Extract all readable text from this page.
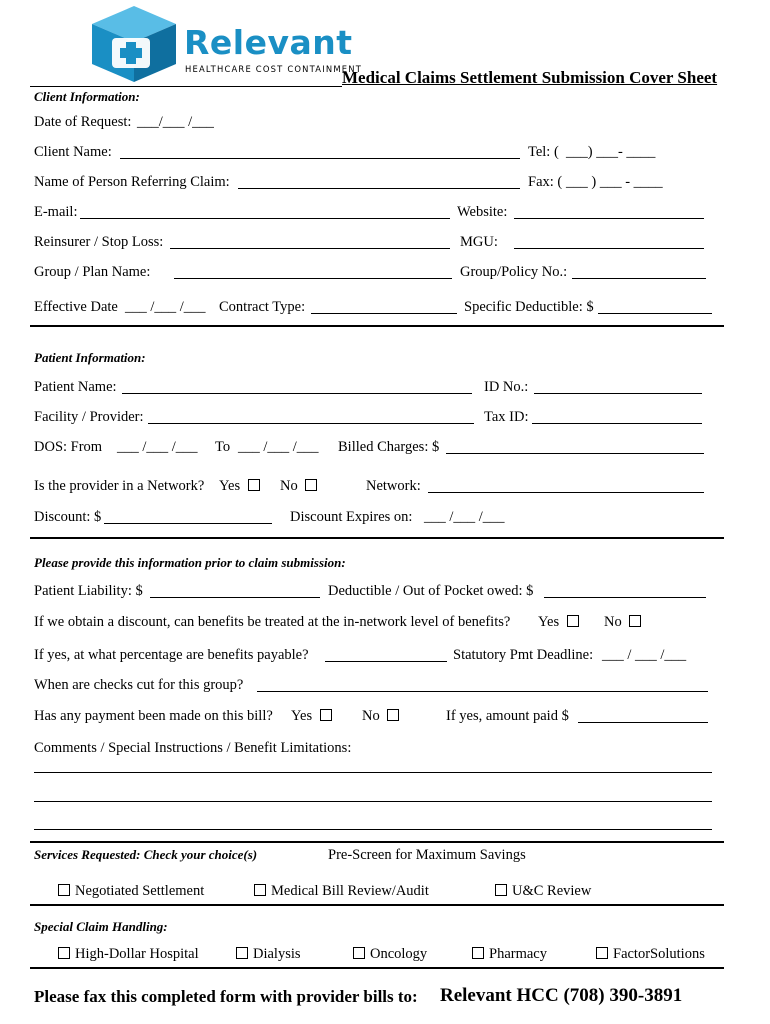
Relevant
HEALTHCARE COST CONTAINMENT
Medical Claims Settlement Submission Cover Sheet
Client Information:
Date of Request: ___/___ /___
Client Name:	Tel: ( ___) ___- ____
Name of Person Referring Claim:	Fax: ( ___ ) ___ - ____
E-mail:	Website:
Reinsurer / Stop Loss:	MGU:
Group / Plan Name:	Group/Policy No.:
Effective Date ___ /___ /___ Contract Type:	Specific Deductible: $
Patient Information:
Patient Name:	ID No.:
Facility / Provider:	Tax ID:
DOS: From ___ /___ /___ To ___ /___ /___ Billed Charges: $
Is the provider in a Network? Yes	No	Network:
Discount: $	Discount Expires on: ___ /___ /___
Please provide this information prior to claim submission:
Patient Liability: $	Deductible / Out of Pocket owed: $
If we obtain a discount, can benefits be treated at the in-network level of benefits? Yes	No
If yes, at what percentage are benefits payable?	Statutory Pmt Deadline: ___ / ___ /___
When are checks cut for this group?
Has any payment been made on this bill? Yes	No	If yes, amount paid $
Comments / Special Instructions / Benefit Limitations:
Services Requested: Check your choice(s)	Pre-Screen for Maximum Savings
Negotiated Settlement	Medical Bill Review/Audit	U&C Review
Special Claim Handling:
High-Dollar Hospital	Dialysis	Oncology	Pharmacy	FactorSolutions
Please fax this completed form with provider bills to: Relevant HCC (708) 390-3891
